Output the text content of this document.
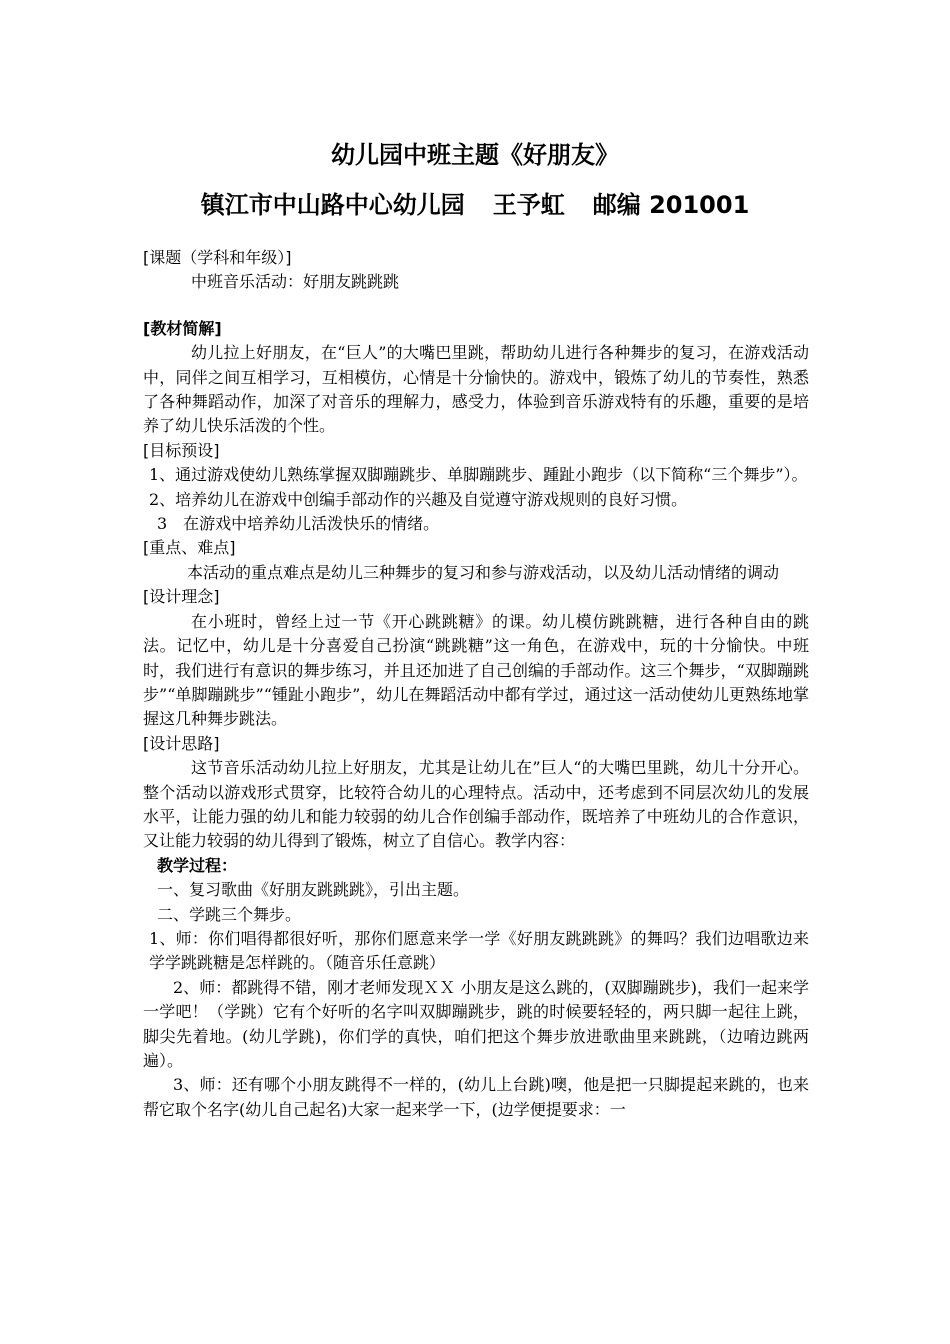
幼儿园中班主题《好朋友》
镇江市中山路中心幼儿园 王予虹 邮编 201001

[课题（学科和年级）]

中班音乐活动：好朋友跳跳跳

[教材简解]

幼儿拉上好朋友，在“巨人”的大嘴巴里跳，帮助幼儿进行各种舞步的复习，在游戏活动中，同伴之间互相学习，互相模仿，心情是十分愉快的。游戏中，锻炼了幼儿的节奏性，熟悉了各种舞蹈动作，加深了对音乐的理解力，感受力，体验到音乐游戏特有的乐趣，重要的是培养了幼儿快乐活泼的个性。

[目标预设]

1、通过游戏使幼儿熟练掌握双脚蹦跳步、单脚蹦跳步、踵趾小跑步（以下简称“三个舞步”）。

2、培养幼儿在游戏中创编手部动作的兴趣及自觉遵守游戏规则的良好习惯。

3　在游戏中培养幼儿活泼快乐的情绪。

[重点、难点]

本活动的重点难点是幼儿三种舞步的复习和参与游戏活动，以及幼儿活动情绪的调动

[设计理念]

在小班时，曾经上过一节《开心跳跳糖》的课。幼儿模仿跳跳糖，进行各种自由的跳法。记忆中，幼儿是十分喜爱自己扮演“跳跳糖”这一角色，在游戏中，玩的十分愉快。中班时，我们进行有意识的舞步练习，并且还加进了自己创编的手部动作。这三个舞步，“双脚蹦跳步”“单脚蹦跳步”“锺趾小跑步”，幼儿在舞蹈活动中都有学过，通过这一活动使幼儿更熟练地掌握这几种舞步跳法。

[设计思路]

这节音乐活动幼儿拉上好朋友，尤其是让幼儿在”巨人“的大嘴巴里跳，幼儿十分开心。整个活动以游戏形式贯穿，比较符合幼儿的心理特点。活动中，还考虑到不同层次幼儿的发展水平，让能力强的幼儿和能力较弱的幼儿合作创编手部动作，既培养了中班幼儿的合作意识，又让能力较弱的幼儿得到了锻炼，树立了自信心。教学内容：

教学过程：

一、复习歌曲《好朋友跳跳跳》，引出主题。

二、学跳三个舞步。

1、师：你们唱得都很好听，那你们愿意来学一学《好朋友跳跳跳》的舞吗？我们边唱歌边来学学跳跳糖是怎样跳的。（随音乐任意跳）

2、师：都跳得不错，刚才老师发现ＸＸ 小朋友是这么跳的，(双脚蹦跳步)，我们一起来学一学吧！（学跳）它有个好听的名字叫双脚蹦跳步，跳的时候要轻轻的，两只脚一起往上跳，脚尖先着地。(幼儿学跳)，你们学的真快，咱们把这个舞步放进歌曲里来跳跳，（边唷边跳两遍）。

3、师：还有哪个小朋友跳得不一样的，(幼儿上台跳)噢，他是把一只脚提起来跳的，也来帮它取个名字(幼儿自己起名)大家一起来学一下，(边学便提要求：一
